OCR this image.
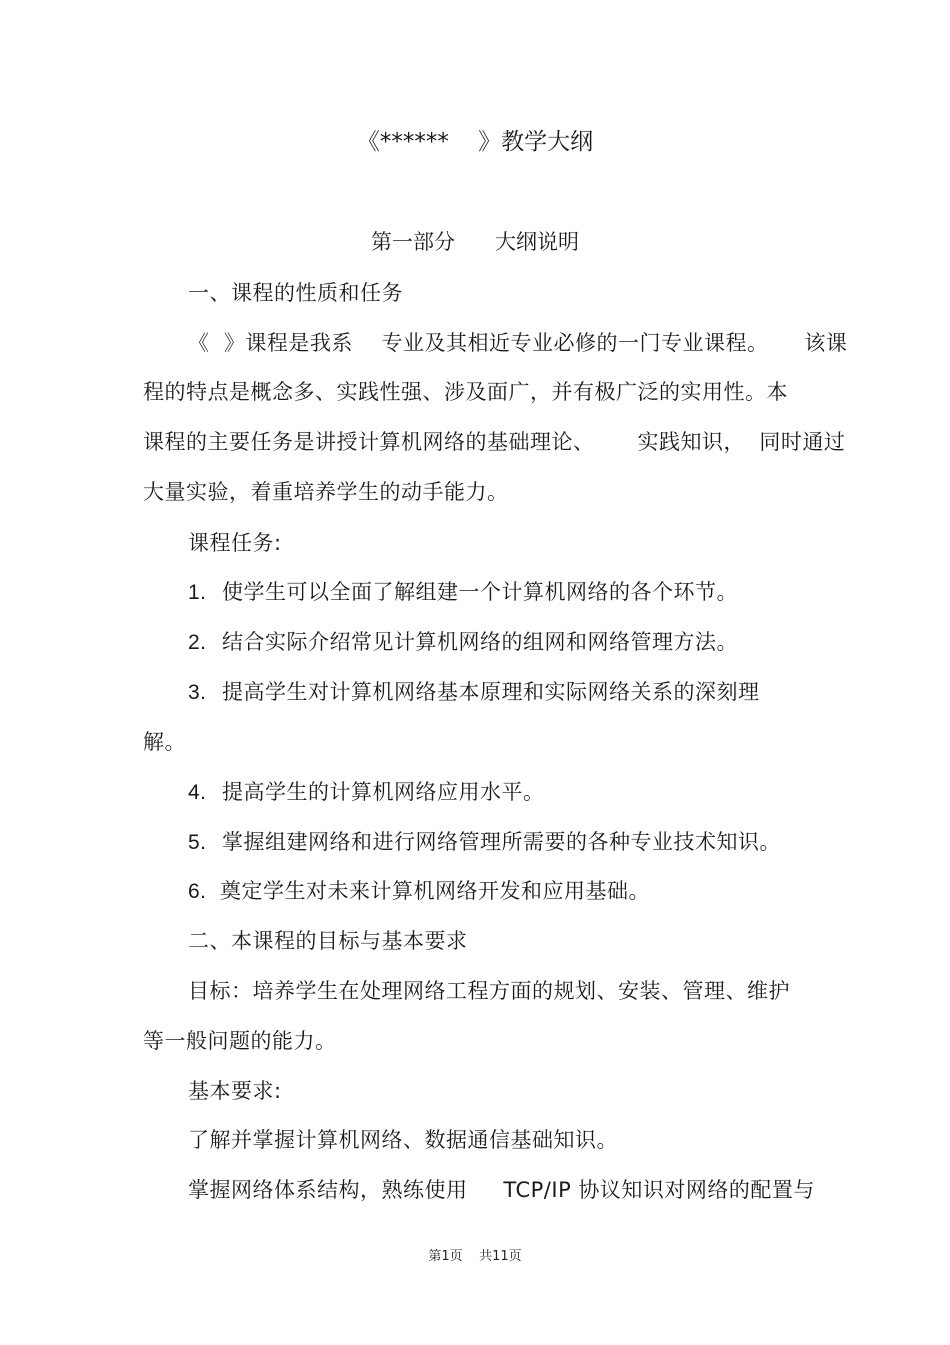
《******    》教学大纲
第一部分      大纲说明
一、课程的性质和任务
《  》课程是我系    专业及其相近专业必修的一门专业课程。     该课
程的特点是概念多、实践性强、涉及面广，并有极广泛的实用性。本
课程的主要任务是讲授计算机网络的基础理论、      实践知识，  同时通过
大量实验，着重培养学生的动手能力。
课程任务:
1. 使学生可以全面了解组建一个计算机网络的各个环节。
2. 结合实际介绍常见计算机网络的组网和网络管理方法。
3. 提高学生对计算机网络基本原理和实际网络关系的深刻理
解。
4. 提高学生的计算机网络应用水平。
5. 掌握组建网络和进行网络管理所需要的各种专业技术知识。
6. 奠定学生对未来计算机网络开发和应用基础。
二、本课程的目标与基本要求
目标：培养学生在处理网络工程方面的规划、安装、管理、维护
等一般问题的能力。
基本要求:
了解并掌握计算机网络、数据通信基础知识。
掌握网络体系结构，熟练使用     TCP/IP 协议知识对网络的配置与
第1页    共11页
